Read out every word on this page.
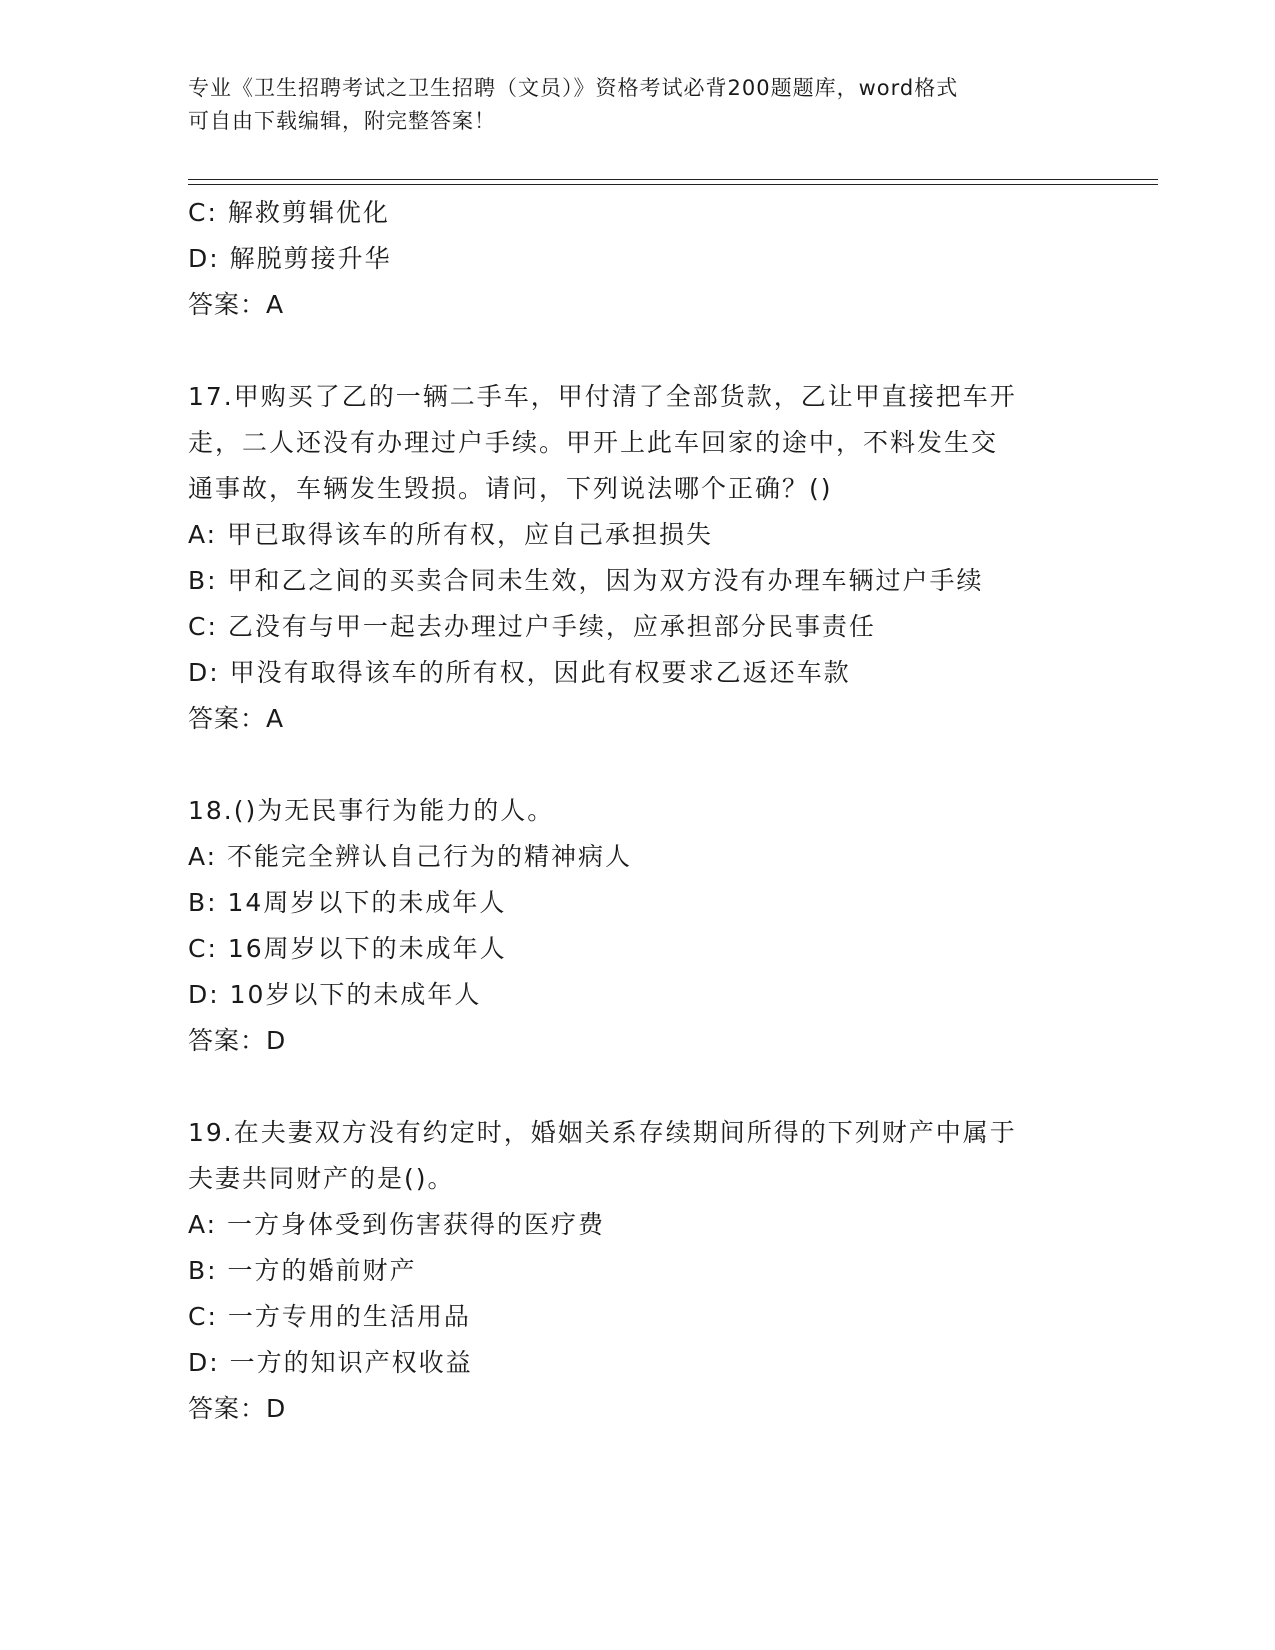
专业《卫生招聘考试之卫生招聘（文员）》资格考试必背200题题库，word格式
可自由下载编辑，附完整答案！
C: 解救剪辑优化
D: 解脱剪接升华
答案：A
17.甲购买了乙的一辆二手车，甲付清了全部货款，乙让甲直接把车开
走，二人还没有办理过户手续。甲开上此车回家的途中，不料发生交
通事故，车辆发生毁损。请问，下列说法哪个正确？()
A: 甲已取得该车的所有权，应自己承担损失
B: 甲和乙之间的买卖合同未生效，因为双方没有办理车辆过户手续
C: 乙没有与甲一起去办理过户手续，应承担部分民事责任
D: 甲没有取得该车的所有权，因此有权要求乙返还车款
答案：A
18.()为无民事行为能力的人。
A: 不能完全辨认自己行为的精神病人
B: 14周岁以下的未成年人
C: 16周岁以下的未成年人
D: 10岁以下的未成年人
答案：D
19.在夫妻双方没有约定时，婚姻关系存续期间所得的下列财产中属于
夫妻共同财产的是()。
A: 一方身体受到伤害获得的医疗费
B: 一方的婚前财产
C: 一方专用的生活用品
D: 一方的知识产权收益
答案：D
